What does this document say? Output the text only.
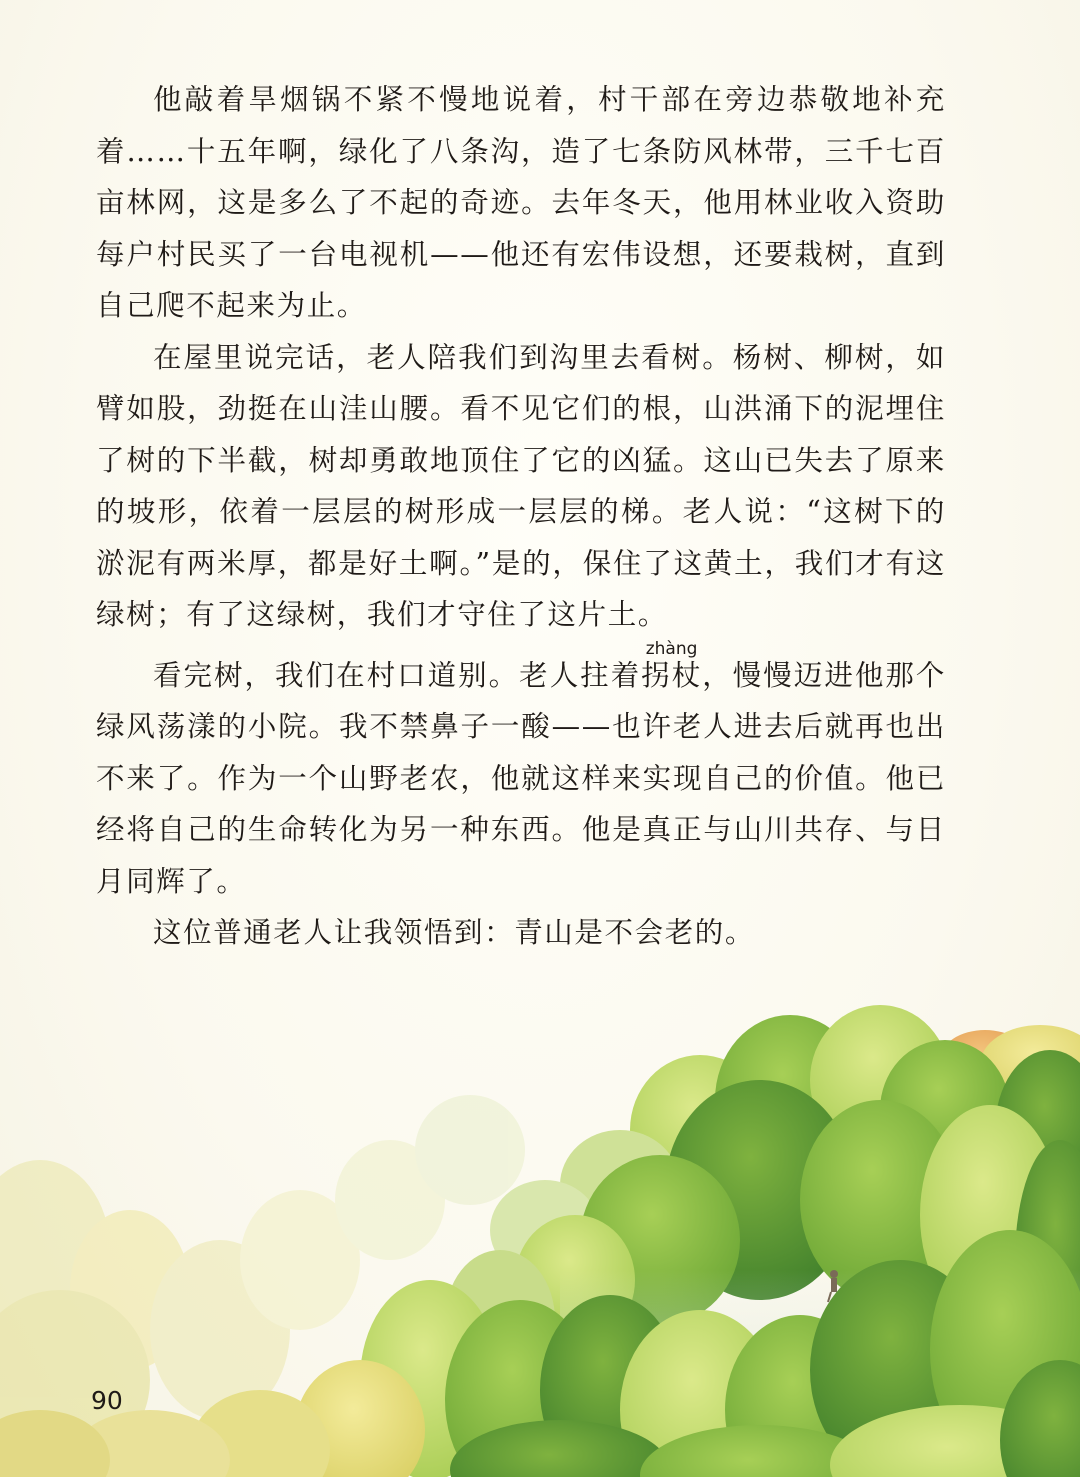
他敲着旱烟锅不紧不慢地说着，村干部在旁边恭敬地补充着……十五年啊，绿化了八条沟，造了七条防风林带，三千七百亩林网，这是多么了不起的奇迹。去年冬天，他用林业收入资助每户村民买了一台电视机——他还有宏伟设想，还要栽树，直到自己爬不起来为止。

在屋里说完话，老人陪我们到沟里去看树。杨树、柳树，如臂如股，劲挺在山洼山腰。看不见它们的根，山洪涌下的泥埋住了树的下半截，树却勇敢地顶住了它的凶猛。这山已失去了原来的坡形，依着一层层的树形成一层层的梯。老人说：“这树下的淤泥有两米厚，都是好土啊。”是的，保住了这黄土，我们才有这绿树；有了这绿树，我们才守住了这片土。

看完树，我们在村口道别。老人拄着拐杖zhàng，慢慢迈进他那个绿风荡漾的小院。我不禁鼻子一酸——也许老人进去后就再也出不来了。作为一个山野老农，他就这样来实现自己的价值。他已经将自己的生命转化为另一种东西。他是真正与山川共存、与日月同辉了。

这位普通老人让我领悟到：青山是不会老的。

90
